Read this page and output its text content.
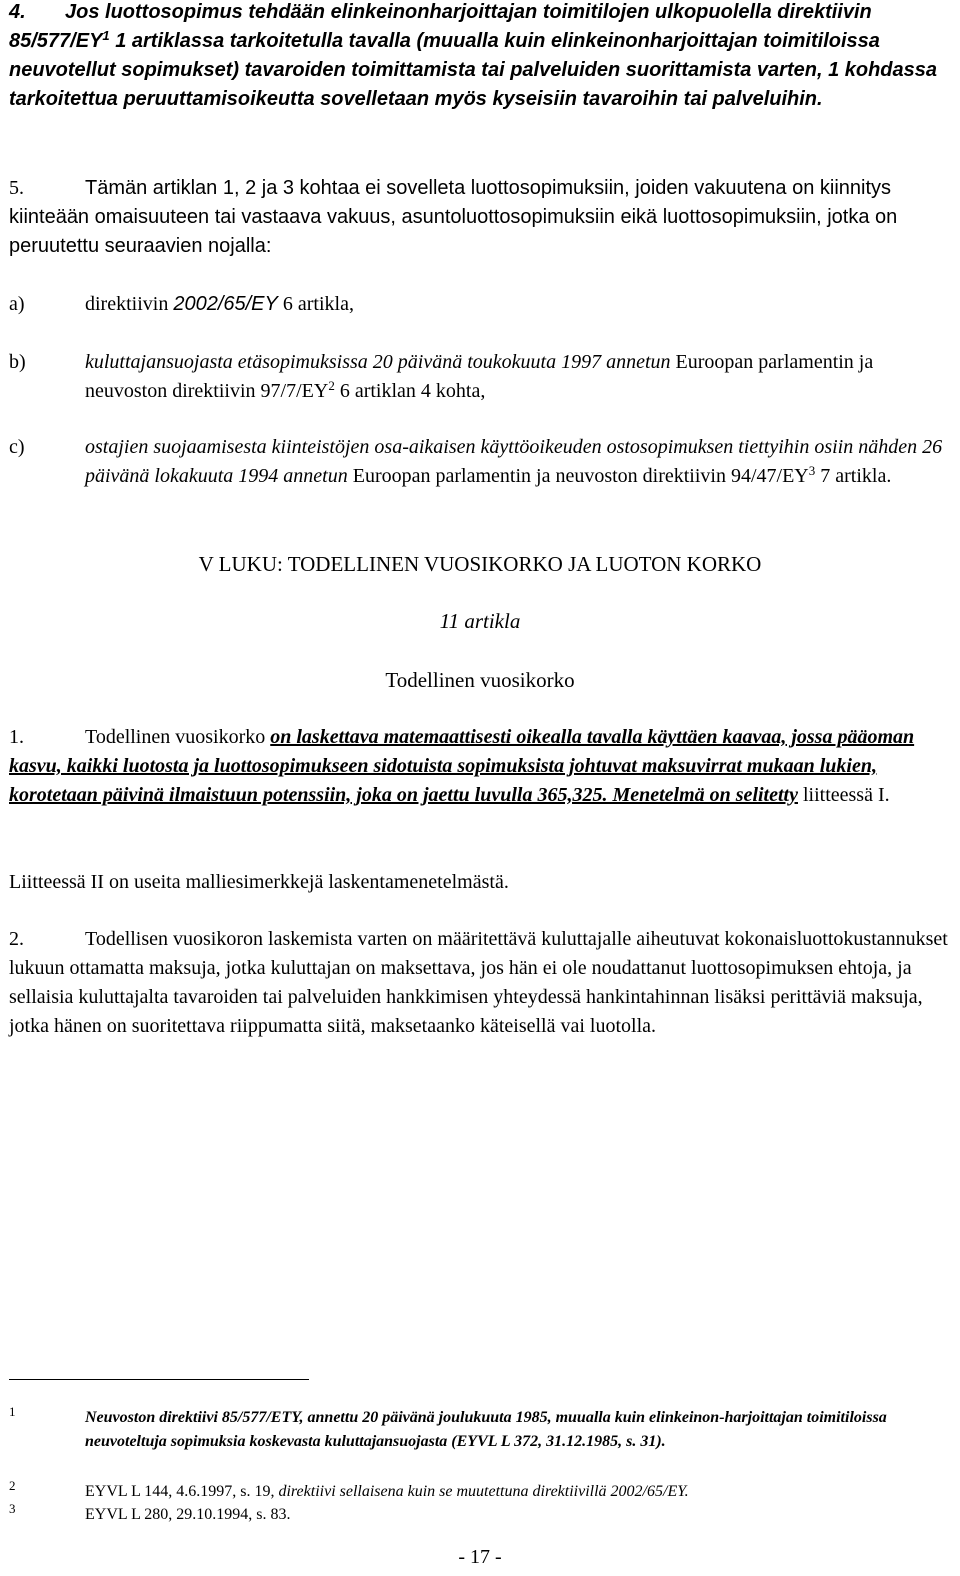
4. Jos luottosopimus tehdään elinkeinonharjoittajan toimitilojen ulkopuolella direktiivin $85/577/EY^1$ 1 artiklassa tarkoitetulla tavalla (muualla kuin elinkeinonharjoittajan toimitiloissa neuvotellut sopimukset) tavaroiden toimittamista tai palveluiden suorittamista varten, 1 kohdassa tarkoitettua peruuttamisoikeutta sovelletaan myös kyseisiin tavaroihin tai palveluihin.

5.	Tämän artiklan 1, 2 ja 3 kohtaa ei sovelleta luottosopimuksiin, joiden vakuutena on kiinnitys kiinteään omaisuuteen tai vastaava vakuus, asuntoluottosopimuksiin eikä luottosopimuksiin, jotka on peruutettu seuraavien nojalla:

a)	direktiivin 2002/65/EY 6 artikla,
b)	kuluttajansuojasta etäsopimuksissa 20 päivänä toukokuuta 1997 annetun Euroopan parlamentin ja neuvoston direktiivin $97/7/EY^2$ 6 artiklan 4 kohta,
c)	ostajien suojaamisesta kiinteistöjen osa-aikaisen käyttöoikeuden ostosopimuksen tiettyihin osiin nähden 26 päivänä lokakuuta 1994 annetun Euroopan parlamentin ja neuvoston direktiivin $94/47/EY^3$ 7 artikla.

V LUKU: TODELLINEN VUOSIKORKO JA LUOTON KORKO

11 artikla

Todellinen vuosikorko

1.	Todellinen vuosikorko on laskettava matemaattisesti oikealla tavalla käyttäen kaavaa, jossa pääoman kasvu, kaikki luotosta ja luottosopimukseen sidotuista sopimuksista johtuvat maksuvirrat mukaan lukien, korotetaan päivinä ilmaistuun potenssiin, joka on jaettu luvulla 365,325. Menetelmä on selitetty liitteessä I.

Liitteessä II on useita malliesimerkkejä laskentamenetelmästä.

2.	Todellisen vuosikoron laskemista varten on määritettävä kuluttajalle aiheutuvat kokonaisluottokustannukset lukuun ottamatta maksuja, jotka kuluttajan on maksettava, jos hän ei ole noudattanut luottosopimuksen ehtoja, ja sellaisia kuluttajalta tavaroiden tai palveluiden hankkimisen yhteydessä hankintahinnan lisäksi perittäviä maksuja, jotka hänen on suoritettava riippumatta siitä, maksetaanko käteisellä vai luotolla.

1	Neuvoston direktiivi 85/577/ETY, annettu 20 päivänä joulukuuta 1985, muualla kuin elinkeinon-harjoittajan toimitiloissa neuvoteltuja sopimuksia koskevasta kuluttajansuojasta (EYVL L 372, 31.12.1985, s. 31).
2	EYVL L 144, 4.6.1997, s. 19, direktiivi sellaisena kuin se muutettuna direktiivillä 2002/65/EY.
3	EYVL L 280, 29.10.1994, s. 83.
- 17 -
